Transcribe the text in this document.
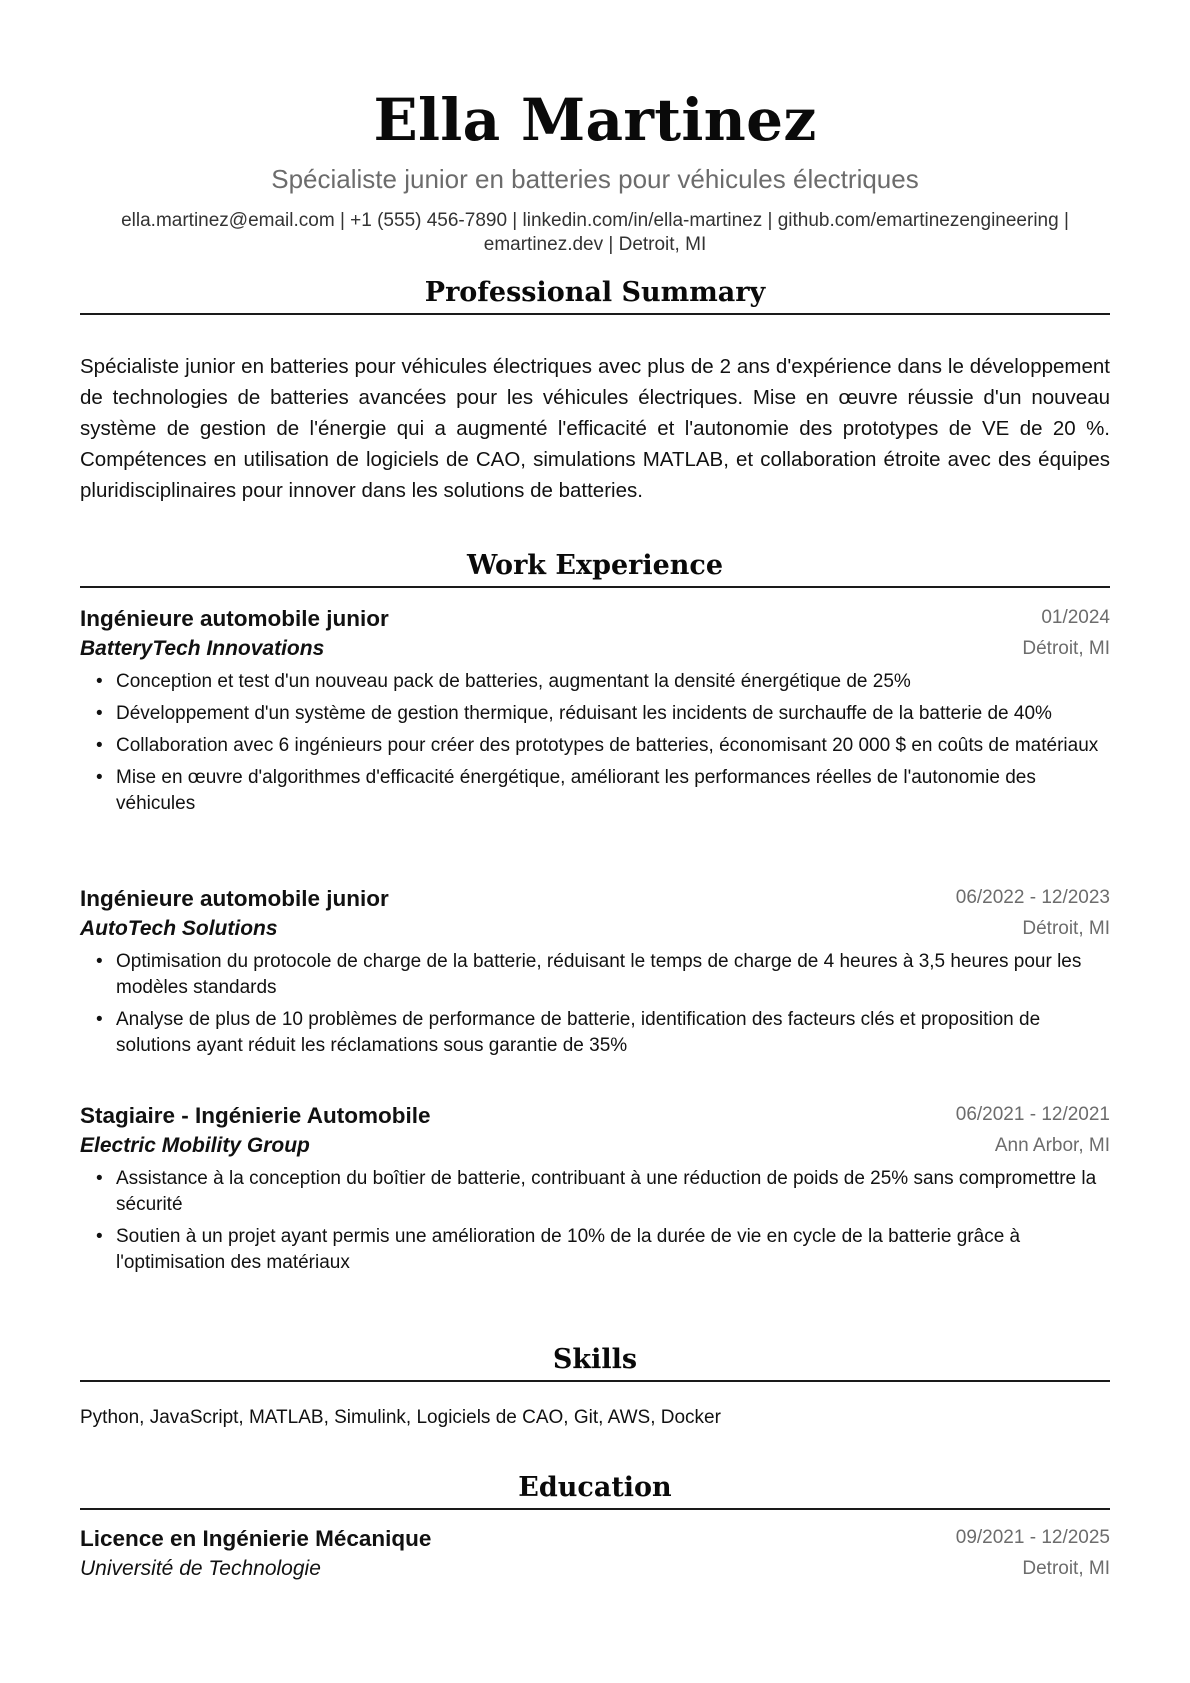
Ella Martinez
Spécialiste junior en batteries pour véhicules électriques
ella.martinez@email.com | +1 (555) 456-7890 | linkedin.com/in/ella-martinez | github.com/emartinezengineering |
emartinez.dev | Detroit, MI
Professional Summary
Spécialiste junior en batteries pour véhicules électriques avec plus de 2 ans d'expérience dans le développement de technologies de batteries avancées pour les véhicules électriques. Mise en œuvre réussie d'un nouveau système de gestion de l'énergie qui a augmenté l'efficacité et l'autonomie des prototypes de VE de 20 %. Compétences en utilisation de logiciels de CAO, simulations MATLAB, et collaboration étroite avec des équipes pluridisciplinaires pour innover dans les solutions de batteries.
Work Experience
Ingénieure automobile junior	01/2024
BatteryTech Innovations	Détroit, MI
• Conception et test d'un nouveau pack de batteries, augmentant la densité énergétique de 25%
• Développement d'un système de gestion thermique, réduisant les incidents de surchauffe de la batterie de 40%
• Collaboration avec 6 ingénieurs pour créer des prototypes de batteries, économisant 20 000 $ en coûts de matériaux
• Mise en œuvre d'algorithmes d'efficacité énergétique, améliorant les performances réelles de l'autonomie des véhicules
Ingénieure automobile junior	06/2022 - 12/2023
AutoTech Solutions	Détroit, MI
• Optimisation du protocole de charge de la batterie, réduisant le temps de charge de 4 heures à 3,5 heures pour les modèles standards
• Analyse de plus de 10 problèmes de performance de batterie, identification des facteurs clés et proposition de solutions ayant réduit les réclamations sous garantie de 35%
Stagiaire - Ingénierie Automobile	06/2021 - 12/2021
Electric Mobility Group	Ann Arbor, MI
• Assistance à la conception du boîtier de batterie, contribuant à une réduction de poids de 25% sans compromettre la sécurité
• Soutien à un projet ayant permis une amélioration de 10% de la durée de vie en cycle de la batterie grâce à l'optimisation des matériaux
Skills
Python, JavaScript, MATLAB, Simulink, Logiciels de CAO, Git, AWS, Docker
Education
Licence en Ingénierie Mécanique	09/2021 - 12/2025
Université de Technologie	Detroit, MI
